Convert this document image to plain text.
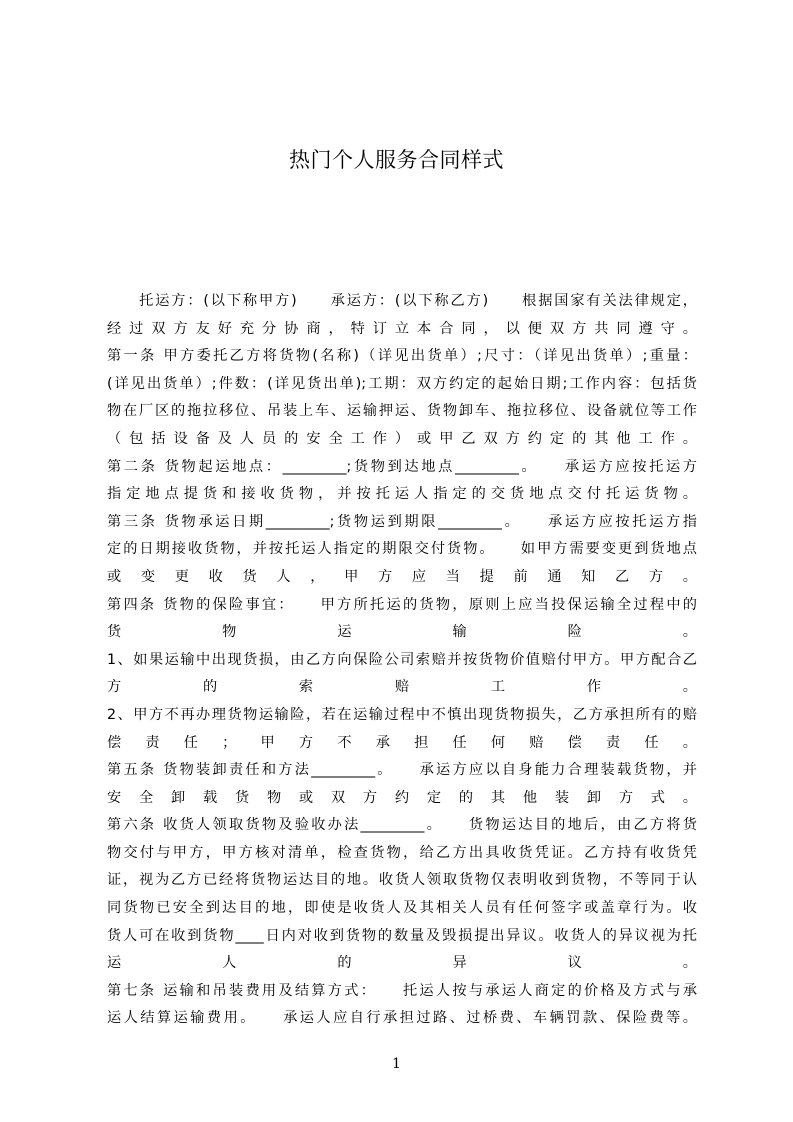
热门个人服务合同样式
　　托运方：(以下称甲方)　　承运方：(以下称乙方)　　根据国家有关法律规定，
经过双方友好充分协商，特订立本合同，以便双方共同遵守。
第一条 甲方委托乙方将货物(名称)（详见出货单）;尺寸：（详见出货单）;重量：
(详见出货单）;件数：(详见货出单);工期：双方约定的起始日期;工作内容：包括货
物在厂区的拖拉移位、吊装上车、运输押运、货物卸车、拖拉移位、设备就位等工作
（包括设备及人员的安全工作）或甲乙双方约定的其他工作。
第二条 货物起运地点：_________;货物到达地点_________。　　承运方应按托运方
指定地点提货和接收货物，并按托运人指定的交货地点交付托运货物。
第三条 货物承运日期_________;货物运到期限_________。　　承运方应按托运方指
定的日期接收货物，并按托运人指定的期限交付货物。　　如甲方需要变更到货地点
或变更收货人，甲方应当提前通知乙方。
第四条 货物的保险事宜：　　甲方所托运的货物，原则上应当投保运输全过程中的
货物运输险。
1、如果运输中出现货损，由乙方向保险公司索赔并按货物价值赔付甲方。甲方配合乙
方的索赔工作。
2、甲方不再办理货物运输险，若在运输过程中不慎出现货物损失，乙方承担所有的赔
偿责任；甲方不承担任何赔偿责任。
第五条 货物装卸责任和方法_________。　　承运方应以自身能力合理装载货物，并
安全卸载货物或双方约定的其他装卸方式。
第六条 收货人领取货物及验收办法_________。　　货物运达目的地后，由乙方将货
物交付与甲方，甲方核对清单，检查货物，给乙方出具收货凭证。乙方持有收货凭
证，视为乙方已经将货物运达目的地。收货人领取货物仅表明收到货物，不等同于认
同货物已安全到达目的地，即使是收货人及其相关人员有任何签字或盖章行为。收
货人可在收到货物____日内对收到货物的数量及毁损提出异议。收货人的异议视为托
运人的异议。
第七条 运输和吊装费用及结算方式：　　托运人按与承运人商定的价格及方式与承
运人结算运输费用。　　承运人应自行承担过路、过桥费、车辆罚款、保险费等。
1
